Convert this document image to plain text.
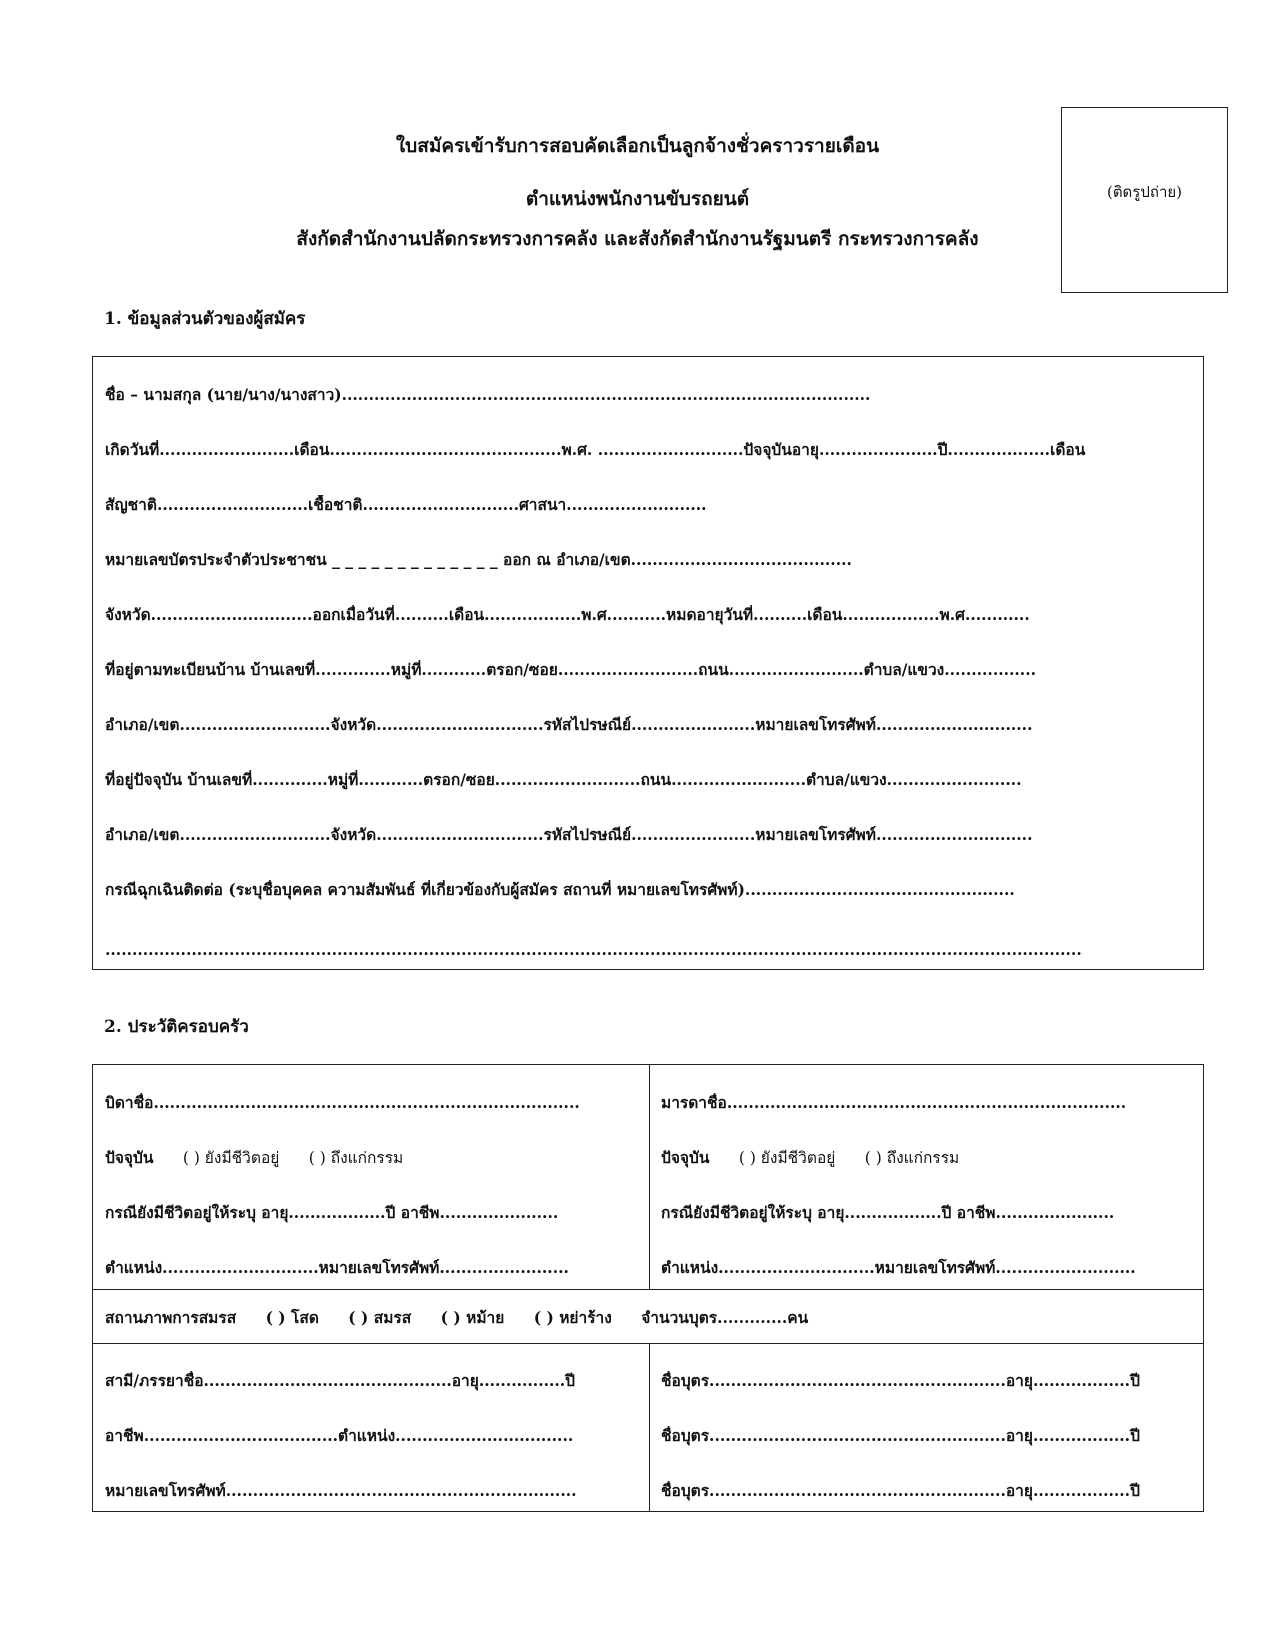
ใบสมัครเข้ารับการสอบคัดเลือกเป็นลูกจ้างชั่วคราวรายเดือน
ตำแหน่งพนักงานขับรถยนต์
สังกัดสำนักงานปลัดกระทรวงการคลัง และสังกัดสำนักงานรัฐมนตรี กระทรวงการคลัง
(ติดรูปถ่าย)
1. ข้อมูลส่วนตัวของผู้สมัคร
ชื่อ – นามสกุล (นาย/นาง/นางสาว)..................................................................................................
เกิดวันที่.........................เดือน...........................................พ.ศ. ...........................ปัจจุบันอายุ......................ปี...................เดือน
สัญชาติ............................เชื้อชาติ.............................ศาสนา..........................
หมายเลขบัตรประจำตัวประชาชน _ _ _ _ _ _ _ _ _ _ _ _ _ ออก ณ อำเภอ/เขต.........................................
จังหวัด..............................ออกเมื่อวันที่..........เดือน..................พ.ศ...........หมดอายุวันที่..........เดือน..................พ.ศ............
ที่อยู่ตามทะเบียนบ้าน บ้านเลขที่..............หมู่ที่............ตรอก/ซอย..........................ถนน.........................ตำบล/แขวง.................
อำเภอ/เขต............................จังหวัด...............................รหัสไปรษณีย์.......................หมายเลขโทรศัพท์.............................
ที่อยู่ปัจจุบัน บ้านเลขที่..............หมู่ที่............ตรอก/ซอย...........................ถนน.........................ตำบล/แขวง.........................
อำเภอ/เขต............................จังหวัด...............................รหัสไปรษณีย์.......................หมายเลขโทรศัพท์.............................
กรณีฉุกเฉินติดต่อ (ระบุชื่อบุคคล ความสัมพันธ์ ที่เกี่ยวข้องกับผู้สมัคร สถานที่ หมายเลขโทรศัพท์)..................................................
.....................................................................................................................................................................................
2. ประวัติครอบครัว
บิดาชื่อ...............................................................................
ปัจจุบัน ( ) ยังมีชีวิตอยู่ ( ) ถึงแก่กรรม
กรณียังมีชีวิตอยู่ให้ระบุ อายุ..................ปี อาชีพ......................
ตำแหน่ง.............................หมายเลขโทรศัพท์........................
มารดาชื่อ..........................................................................
ปัจจุบัน ( ) ยังมีชีวิตอยู่ ( ) ถึงแก่กรรม
กรณียังมีชีวิตอยู่ให้ระบุ อายุ..................ปี อาชีพ......................
ตำแหน่ง.............................หมายเลขโทรศัพท์..........................
สถานภาพการสมรส ( ) โสด ( ) สมรส ( ) หม้าย ( ) หย่าร้าง จำนวนบุตร.............คน
สามี/ภรรยาชื่อ..............................................อายุ................ปี
อาชีพ....................................ตำแหน่ง.................................
หมายเลขโทรศัพท์.................................................................
ชื่อบุตร.......................................................อายุ..................ปี
ชื่อบุตร.......................................................อายุ..................ปี
ชื่อบุตร.......................................................อายุ..................ปี
